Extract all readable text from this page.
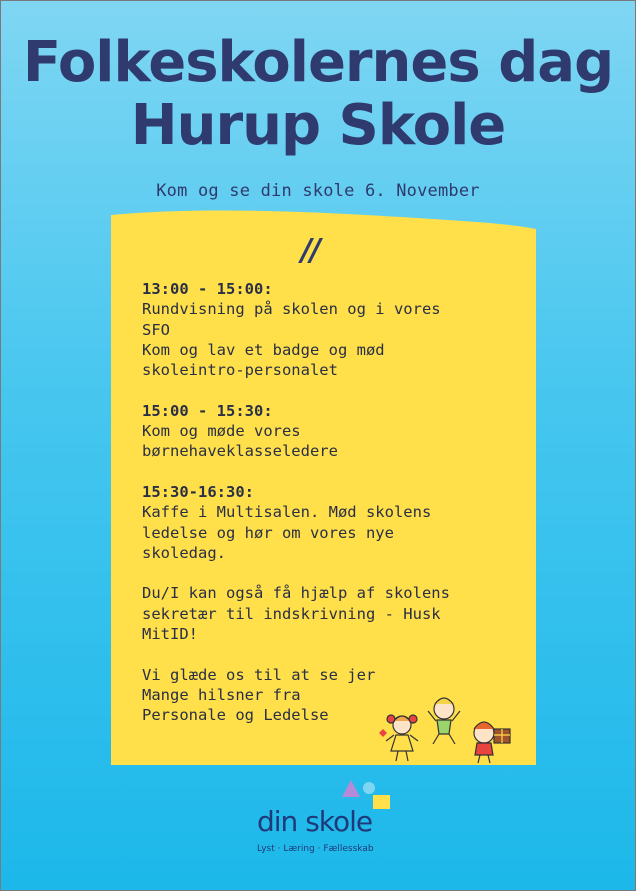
Folkeskolernes dag
Hurup Skole
Kom og se din skole 6. November
//
13:00 - 15:00:
Rundvisning på skolen og i vores
SFO
Kom og lav et badge og mød
skoleintro-personalet
15:00 - 15:30:
Kom og møde vores
børnehaveklasseledere
15:30-16:30:
Kaffe i Multisalen. Mød skolens
ledelse og hør om vores nye
skoledag.
Du/I kan også få hjælp af skolens
sekretær til indskrivning - Husk
MitID!
Vi glæde os til at se jer
Mange hilsner fra
Personale og Ledelse
din skole
Lyst · Læring · Fællesskab
